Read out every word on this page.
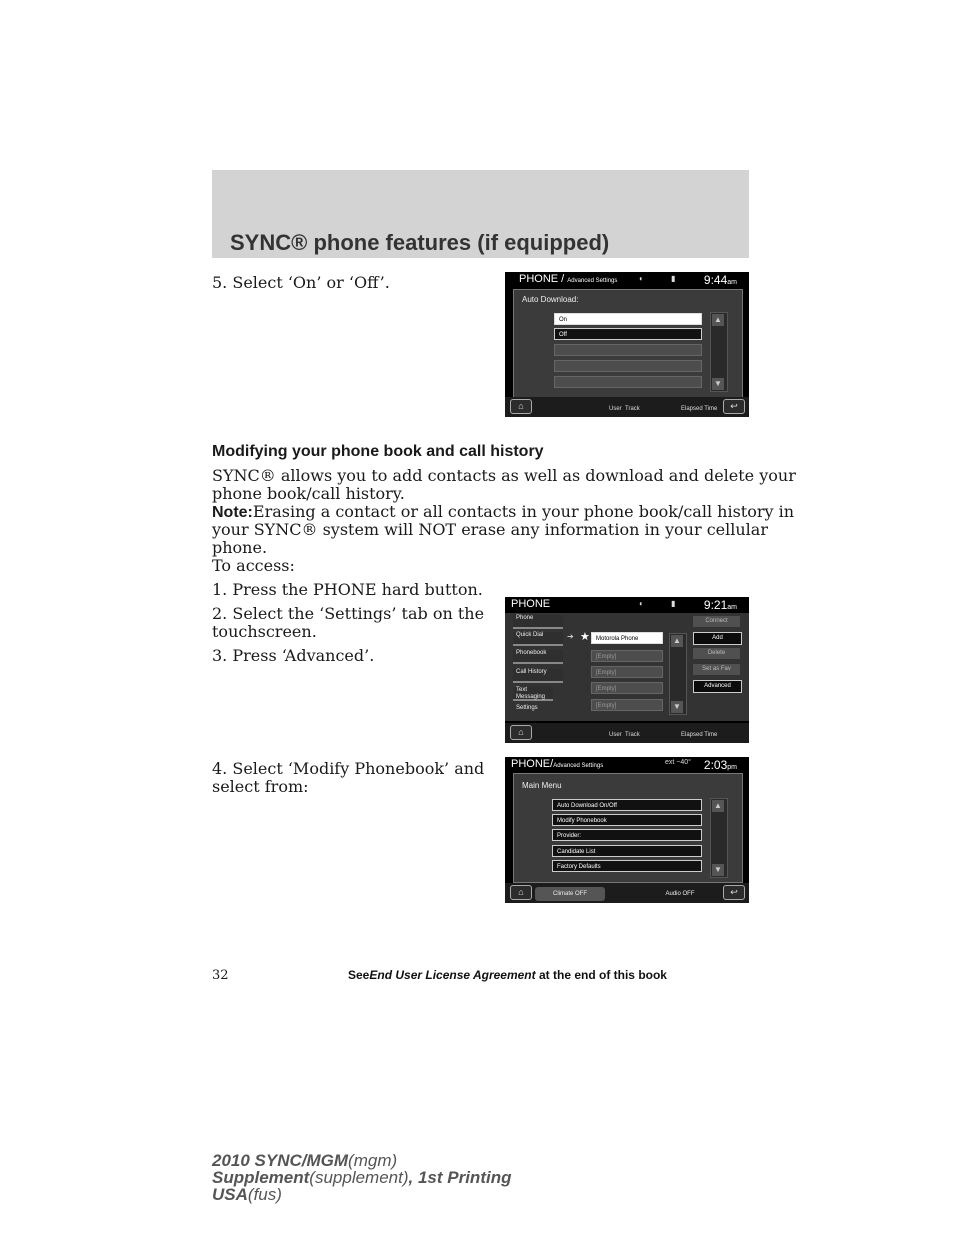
SYNC® phone features (if equipped)
5. Select ‘On’ or ‘Off’.	PHONE / Advanced Settings	◐	▮ 9:44am
Auto Download:
On
Off
▲
▼
⌂	User Track	Elapsed Time	↩
Modifying your phone book and call history
SYNC® allows you to add contacts as well as download and delete your
phone book/call history.
Note:Erasing a contact or all contacts in your phone book/call history in
your SYNC® system will NOT erase any information in your cellular
phone.
To access:
1. Press the PHONE hard button.
2. Select the ‘Settings’ tab on the
touchscreen.
3. Press ‘Advanced’.
PHONE	◐	▮ 9:21am
Phone
Quick Dial
Phonebook
Call History
Text Messaging
Settings
➔ ★	Motorola Phone
[Empty]
[Empty]
[Empty]
[Empty]
▲
▼
Connect
Add
Delete
Set as Fav
Advanced
⌂	User Track	Elapsed Time
4. Select ‘Modify Phonebook’ and
select from:
PHONE/Advanced Settings	ext −40° 2:03pm
Main Menu
Auto Download On/Off
Modify Phonebook
Provider:
Candidate List
Factory Defaults
▲
▼
⌂	Climate OFF	Audio OFF	↩
32	SeeEnd User License Agreement at the end of this book
2010 SYNC/MGM(mgm)
Supplement(supplement), 1st Printing
USA(fus)
